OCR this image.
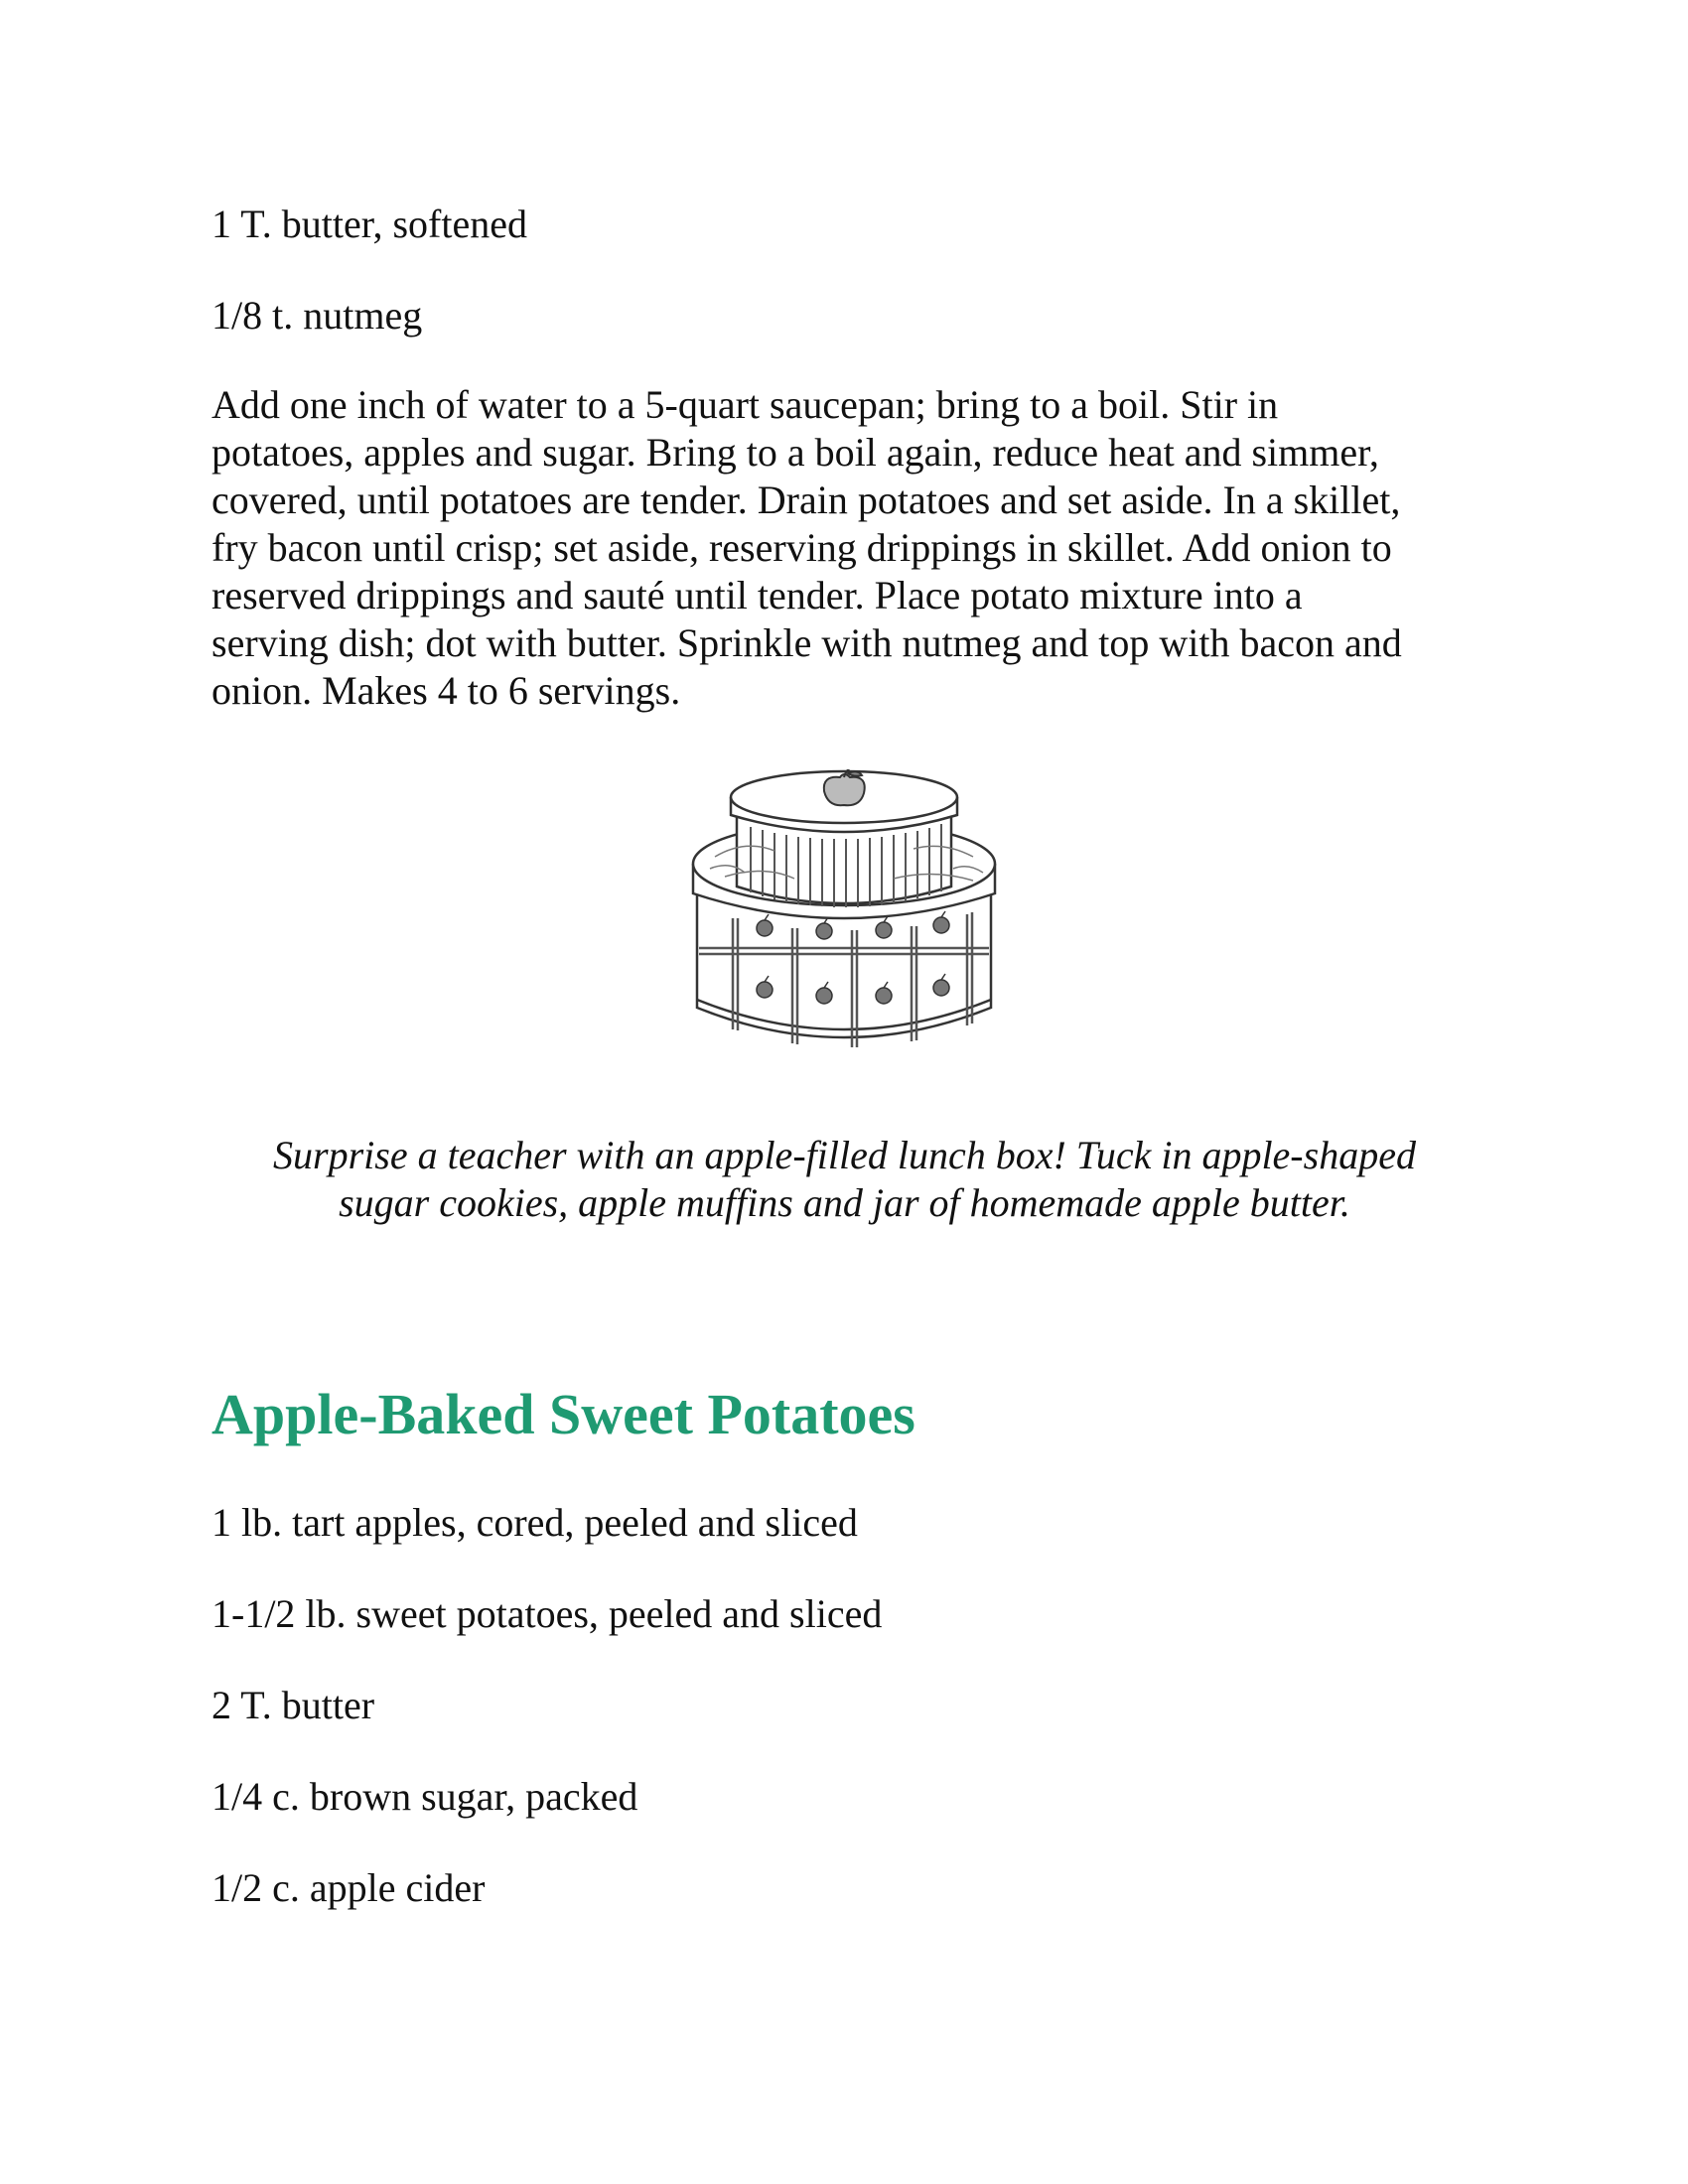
1 T. butter, softened
1/8 t. nutmeg
Add one inch of water to a 5-quart saucepan; bring to a boil. Stir in
potatoes, apples and sugar. Bring to a boil again, reduce heat and simmer,
covered, until potatoes are tender. Drain potatoes and set aside. In a skillet,
fry bacon until crisp; set aside, reserving drippings in skillet. Add onion to
reserved drippings and sauté until tender. Place potato mixture into a
serving dish; dot with butter. Sprinkle with nutmeg and top with bacon and
onion. Makes 4 to 6 servings.
Surprise a teacher with an apple-filled lunch box! Tuck in apple-shaped
sugar cookies, apple muffins and jar of homemade apple butter.
Apple-Baked Sweet Potatoes
1 lb. tart apples, cored, peeled and sliced
1-1/2 lb. sweet potatoes, peeled and sliced
2 T. butter
1/4 c. brown sugar, packed
1/2 c. apple cider
